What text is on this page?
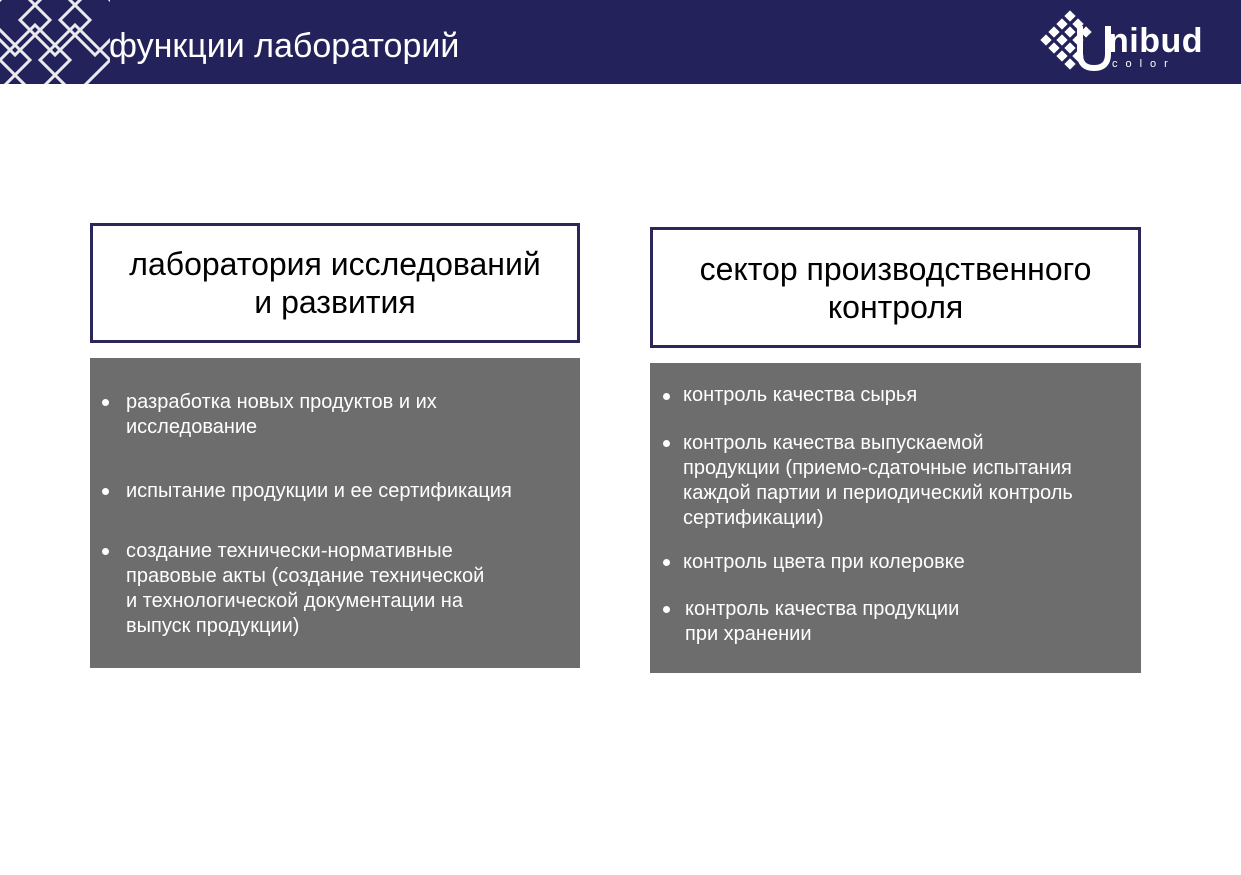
функции лабораторий	nibud
color
лаборатория исследований
и развития
разработка новых продуктов и их
исследование
испытание продукции и ее сертификация
создание технически-нормативные
правовые акты (создание технической
и технологической документации на
выпуск продукции)
сектор производственного
контроля
контроль качества сырья
контроль качества выпускаемой
продукции (приемо-сдаточные испытания
каждой партии и периодический контроль
сертификации)
контроль цвета при колеровке
контроль качества продукции
при хранении
